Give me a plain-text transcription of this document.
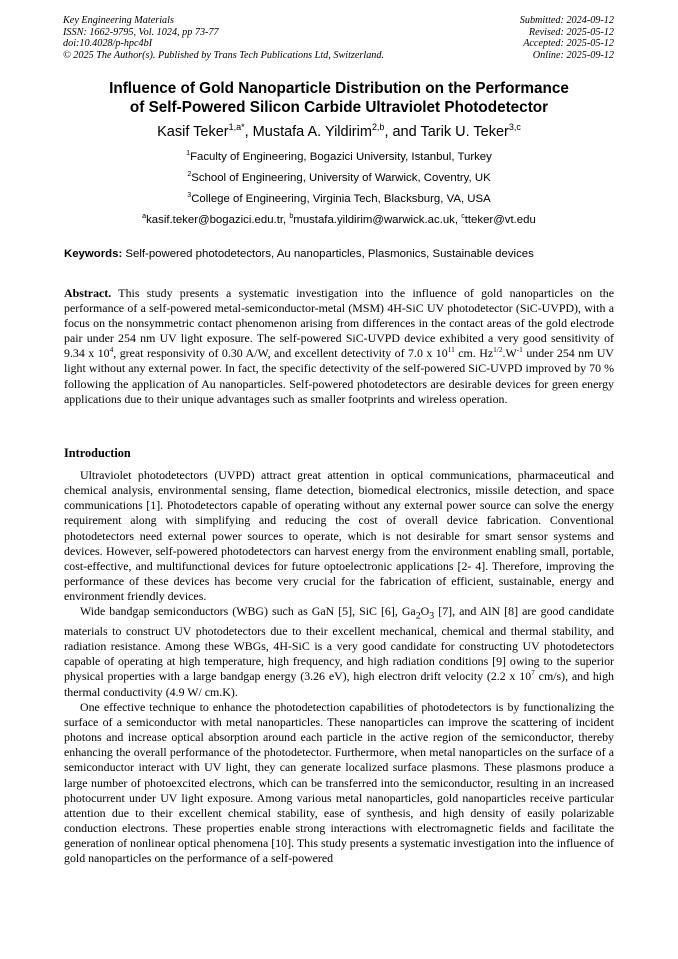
Key Engineering Materials
ISSN: 1662-9795, Vol. 1024, pp 73-77
doi:10.4028/p-hpc4bI
© 2025 The Author(s). Published by Trans Tech Publications Ltd, Switzerland.
Submitted: 2024-09-12
Revised: 2025-05-12
Accepted: 2025-05-12
Online: 2025-09-12
Influence of Gold Nanoparticle Distribution on the Performance
of Self-Powered Silicon Carbide Ultraviolet Photodetector
Kasif Teker$^{1,a*}$, Mustafa A. Yildirim$^{2,b}$, and Tarik U. Teker$^{3,c}$
$^1$Faculty of Engineering, Bogazici University, Istanbul, Turkey
$^2$School of Engineering, University of Warwick, Coventry, UK
$^3$College of Engineering, Virginia Tech, Blacksburg, VA, USA
$^a$kasif.teker@bogazici.edu.tr, $^b$mustafa.yildirim@warwick.ac.uk, $^c$tteker@vt.edu
Keywords: Self-powered photodetectors, Au nanoparticles, Plasmonics, Sustainable devices
Abstract. This study presents a systematic investigation into the influence of gold nanoparticles on the performance of a self-powered metal-semiconductor-metal (MSM) 4H-SiC UV photodetector (SiC-UVPD), with a focus on the nonsymmetric contact phenomenon arising from differences in the contact areas of the gold electrode pair under 254 nm UV light exposure. The self-powered SiC-UVPD device exhibited a very good sensitivity of 9.34 x $10^4$, great responsivity of 0.30 A/W, and excellent detectivity of 7.0 x $10^{11}$ cm. $Hz^{1/2}.W^{-1}$ under 254 nm UV light without any external power. In fact, the specific detectivity of the self-powered SiC-UVPD improved by 70 % following the application of Au nanoparticles. Self-powered photodetectors are desirable devices for green energy applications due to their unique advantages such as smaller footprints and wireless operation.
Introduction

Ultraviolet photodetectors (UVPD) attract great attention in optical communications, pharmaceutical and chemical analysis, environmental sensing, flame detection, biomedical electronics, missile detection, and space communications [1]. Photodetectors capable of operating without any external power source can solve the energy requirement along with simplifying and reducing the cost of overall device fabrication. Conventional photodetectors need external power sources to operate, which is not desirable for smart sensor systems and devices. However, self-powered photodetectors can harvest energy from the environment enabling small, portable, cost-effective, and multifunctional devices for future optoelectronic applications [2- 4]. Therefore, improving the performance of these devices has become very crucial for the fabrication of efficient, sustainable, energy and environment friendly devices.

Wide bandgap semiconductors (WBG) such as GaN [5], SiC [6], $Ga_2O_3$ [7], and AlN [8] are good candidate materials to construct UV photodetectors due to their excellent mechanical, chemical and thermal stability, and radiation resistance. Among these WBGs, 4H-SiC is a very good candidate for constructing UV photodetectors capable of operating at high temperature, high frequency, and high radiation conditions [9] owing to the superior physical properties with a large bandgap energy (3.26 eV), high electron drift velocity (2.2 x $10^7$ cm/s), and high thermal conductivity (4.9 W/ cm.K).

One effective technique to enhance the photodetection capabilities of photodetectors is by functionalizing the surface of a semiconductor with metal nanoparticles. These nanoparticles can improve the scattering of incident photons and increase optical absorption around each particle in the active region of the semiconductor, thereby enhancing the overall performance of the photodetector. Furthermore, when metal nanoparticles on the surface of a semiconductor interact with UV light, they can generate localized surface plasmons. These plasmons produce a large number of photoexcited electrons, which can be transferred into the semiconductor, resulting in an increased photocurrent under UV light exposure. Among various metal nanoparticles, gold nanoparticles receive particular attention due to their excellent chemical stability, ease of synthesis, and high density of easily polarizable conduction electrons. These properties enable strong interactions with electromagnetic fields and facilitate the generation of nonlinear optical phenomena [10]. This study presents a systematic investigation into the influence of gold nanoparticles on the performance of a self-powered
